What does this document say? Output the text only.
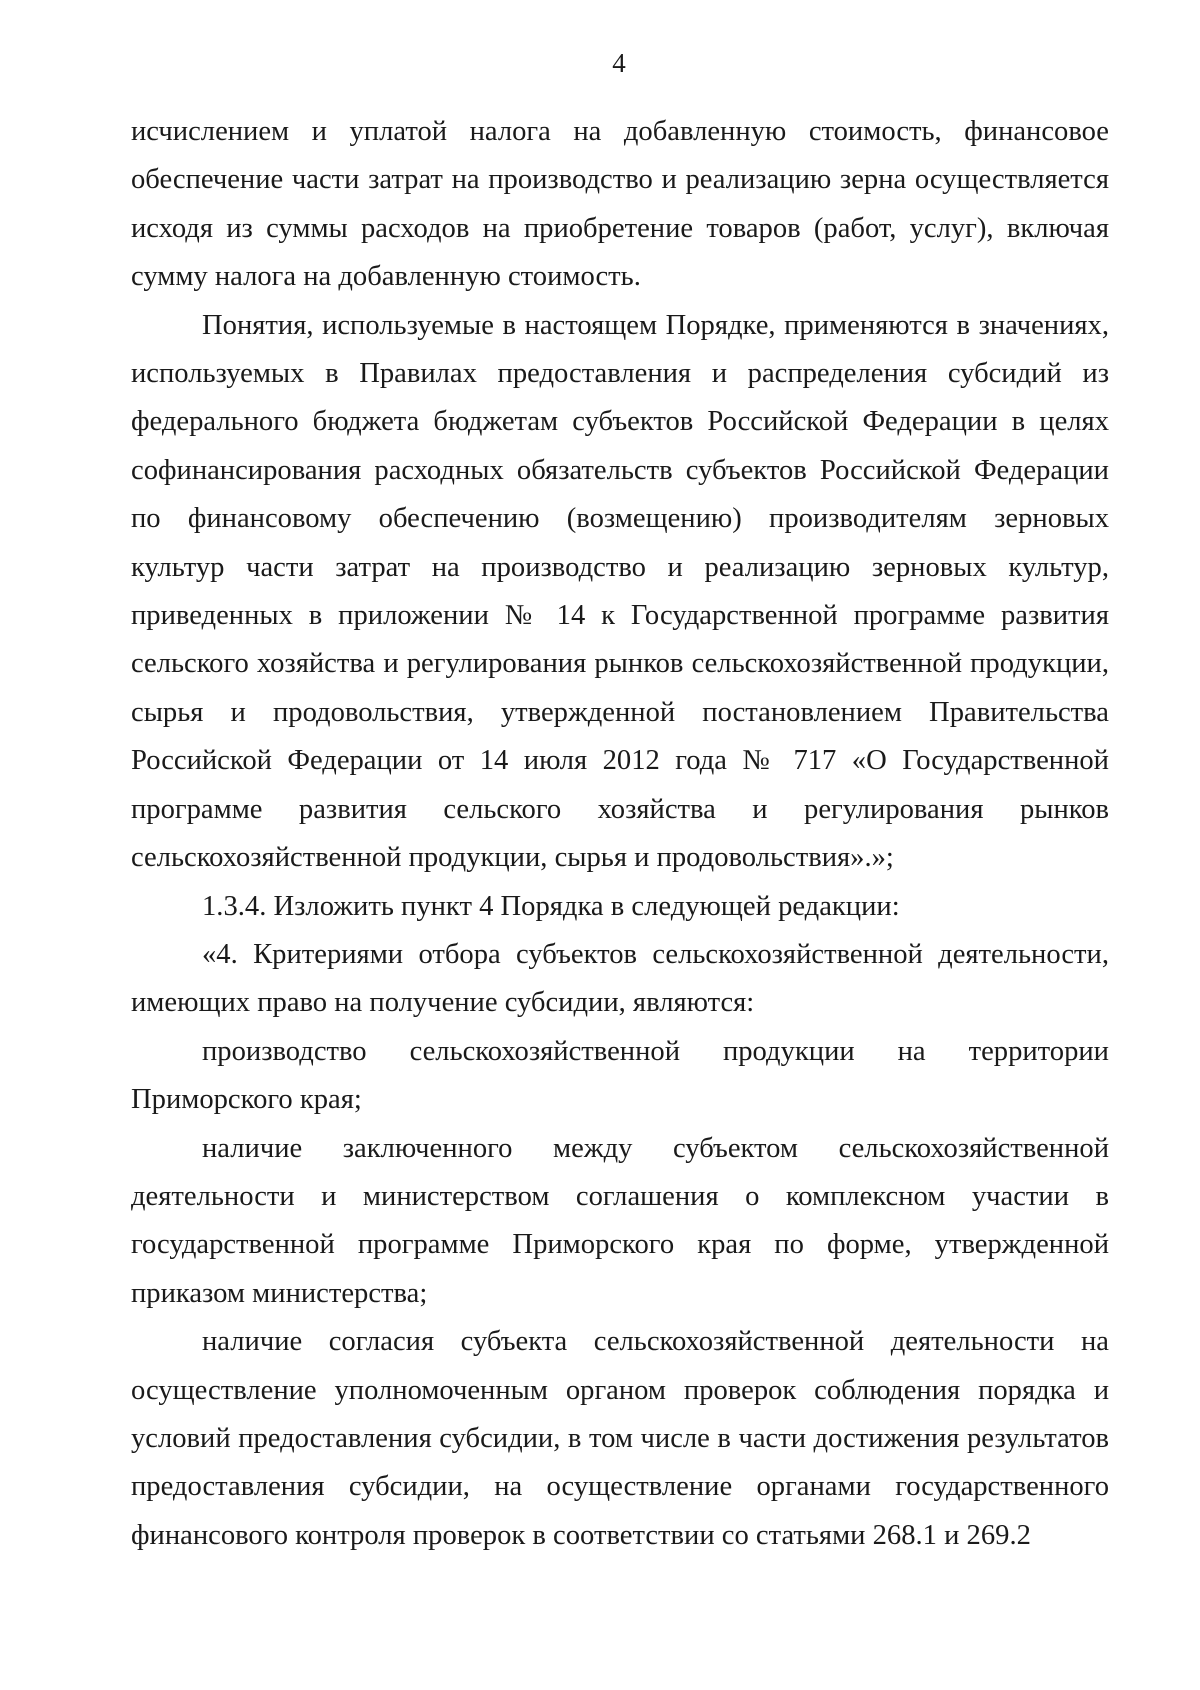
4

исчислением и уплатой налога на добавленную стоимость, финансовое обеспечение части затрат на производство и реализацию зерна осуществляется исходя из суммы расходов на приобретение товаров (работ, услуг), включая сумму налога на добавленную стоимость.

Понятия, используемые в настоящем Порядке, применяются в значениях, используемых в Правилах предоставления и распределения субсидий из федерального бюджета бюджетам субъектов Российской Федерации в целях софинансирования расходных обязательств субъектов Российской Федерации по финансовому обеспечению (возмещению) производителям зерновых культур части затрат на производство и реализацию зерновых культур, приведенных в приложении № 14 к Государственной программе развития сельского хозяйства и регулирования рынков сельскохозяйственной продукции, сырья и продовольствия, утвержденной постановлением Правительства Российской Федерации от 14 июля 2012 года № 717 «О Государственной программе развития сельского хозяйства и регулирования рынков сельскохозяйственной продукции, сырья и продовольствия».»;

1.3.4. Изложить пункт 4 Порядка в следующей редакции:

«4. Критериями отбора субъектов сельскохозяйственной деятельности, имеющих право на получение субсидии, являются:

производство сельскохозяйственной продукции на территории Приморского края;

наличие заключенного между субъектом сельскохозяйственной деятельности и министерством соглашения о комплексном участии в государственной программе Приморского края по форме, утвержденной приказом министерства;

наличие согласия субъекта сельскохозяйственной деятельности на осуществление уполномоченным органом проверок соблюдения порядка и условий предоставления субсидии, в том числе в части достижения результатов предоставления субсидии, на осуществление органами государственного финансового контроля проверок в соответствии со статьями 268.1 и 269.2
